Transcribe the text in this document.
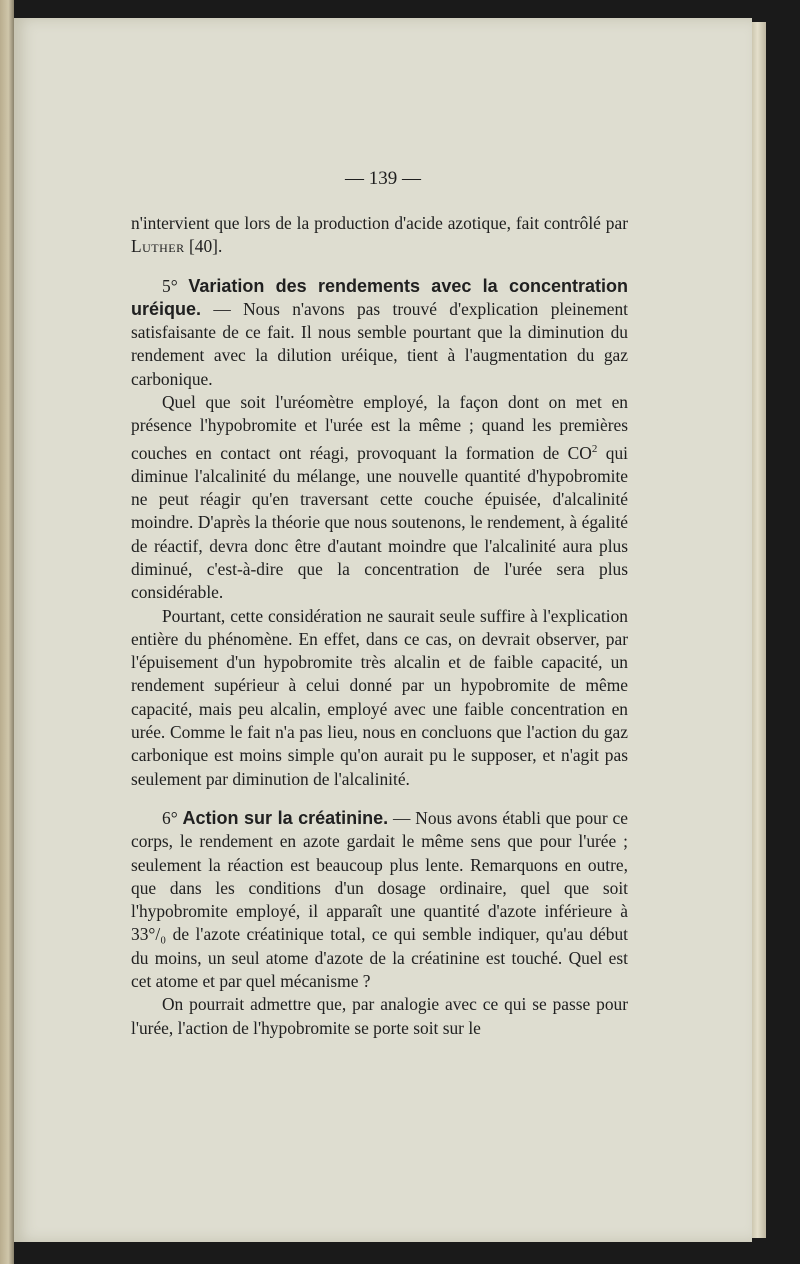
— 139 —

n'intervient que lors de la production d'acide azotique, fait contrôlé par Luther [40].

5° Variation des rendements avec la concentration uréique. — Nous n'avons pas trouvé d'explication pleinement satisfaisante de ce fait. Il nous semble pourtant que la diminution du rendement avec la dilution uréique, tient à l'augmentation du gaz carbonique.

Quel que soit l'uréomètre employé, la façon dont on met en présence l'hypobromite et l'urée est la même ; quand les premières couches en contact ont réagi, provoquant la formation de $CO^2$ qui diminue l'alcalinité du mélange, une nouvelle quantité d'hypobromite ne peut réagir qu'en traversant cette couche épuisée, d'alcalinité moindre. D'après la théorie que nous soutenons, le rendement, à égalité de réactif, devra donc être d'autant moindre que l'alcalinité aura plus diminué, c'est-à-dire que la concentration de l'urée sera plus considérable.

Pourtant, cette considération ne saurait seule suffire à l'explication entière du phénomène. En effet, dans ce cas, on devrait observer, par l'épuisement d'un hypobromite très alcalin et de faible capacité, un rendement supérieur à celui donné par un hypobromite de même capacité, mais peu alcalin, employé avec une faible concentration en urée. Comme le fait n'a pas lieu, nous en concluons que l'action du gaz carbonique est moins simple qu'on aurait pu le supposer, et n'agit pas seulement par diminution de l'alcalinité.

6° Action sur la créatinine. — Nous avons établi que pour ce corps, le rendement en azote gardait le même sens que pour l'urée ; seulement la réaction est beaucoup plus lente. Remarquons en outre, que dans les conditions d'un dosage ordinaire, quel que soit l'hypobromite employé, il apparaît une quantité d'azote inférieure à 33°/₀ de l'azote créatinique total, ce qui semble indiquer, qu'au début du moins, un seul atome d'azote de la créatinine est touché. Quel est cet atome et par quel mécanisme ?

On pourrait admettre que, par analogie avec ce qui se passe pour l'urée, l'action de l'hypobromite se porte soit sur le
